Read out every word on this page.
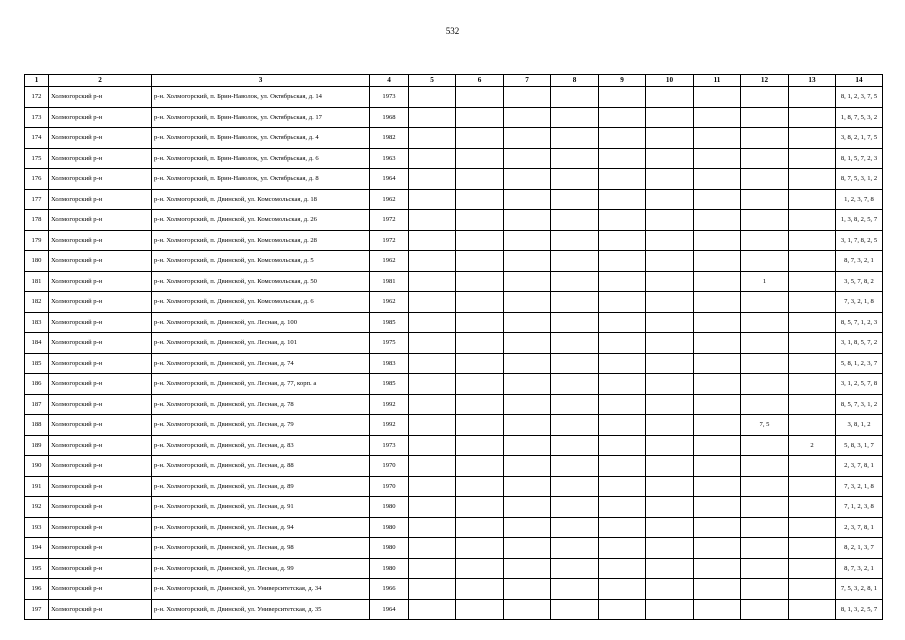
532
1	2	3	4	5	6	7	8	9	10	11	12	13	14
172	Холмогорский р-н	р-н. Холмогорский, п. Брин-Наволок, ул. Октябрьская, д. 14	1973										8, 1, 2, 3, 7, 5
173	Холмогорский р-н	р-н. Холмогорский, п. Брин-Наволок, ул. Октябрьская, д. 17	1968										1, 8, 7, 5, 3, 2
174	Холмогорский р-н	р-н. Холмогорский, п. Брин-Наволок, ул. Октябрьская, д. 4	1982										3, 8, 2, 1, 7, 5
175	Холмогорский р-н	р-н. Холмогорский, п. Брин-Наволок, ул. Октябрьская, д. 6	1963										8, 1, 5, 7, 2, 3
176	Холмогорский р-н	р-н. Холмогорский, п. Брин-Наволок, ул. Октябрьская, д. 8	1964										8, 7, 5, 3, 1, 2
177	Холмогорский р-н	р-н. Холмогорский, п. Двинской, ул. Комсомольская, д. 18	1962										1, 2, 3, 7, 8
178	Холмогорский р-н	р-н. Холмогорский, п. Двинской, ул. Комсомольская, д. 26	1972										1, 3, 8, 2, 5, 7
179	Холмогорский р-н	р-н. Холмогорский, п. Двинской, ул. Комсомольская, д. 28	1972										3, 1, 7, 8, 2, 5
180	Холмогорский р-н	р-н. Холмогорский, п. Двинской, ул. Комсомольская, д. 5	1962										8, 7, 3, 2, 1
181	Холмогорский р-н	р-н. Холмогорский, п. Двинской, ул. Комсомольская, д. 50	1981								1		3, 5, 7, 8, 2
182	Холмогорский р-н	р-н. Холмогорский, п. Двинской, ул. Комсомольская, д. 6	1962										7, 3, 2, 1, 8
183	Холмогорский р-н	р-н. Холмогорский, п. Двинской, ул. Лесная, д. 100	1985										8, 5, 7, 1, 2, 3
184	Холмогорский р-н	р-н. Холмогорский, п. Двинской, ул. Лесная, д. 101	1975										3, 1, 8, 5, 7, 2
185	Холмогорский р-н	р-н. Холмогорский, п. Двинской, ул. Лесная, д. 74	1983										5, 8, 1, 2, 3, 7
186	Холмогорский р-н	р-н. Холмогорский, п. Двинской, ул. Лесная, д. 77, корп. а	1985										3, 1, 2, 5, 7, 8
187	Холмогорский р-н	р-н. Холмогорский, п. Двинской, ул. Лесная, д. 78	1992										8, 5, 7, 3, 1, 2
188	Холмогорский р-н	р-н. Холмогорский, п. Двинской, ул. Лесная, д. 79	1992								7, 5		3, 8, 1, 2
189	Холмогорский р-н	р-н. Холмогорский, п. Двинской, ул. Лесная, д. 83	1973									2	5, 8, 3, 1, 7
190	Холмогорский р-н	р-н. Холмогорский, п. Двинской, ул. Лесная, д. 88	1970										2, 3, 7, 8, 1
191	Холмогорский р-н	р-н. Холмогорский, п. Двинской, ул. Лесная, д. 89	1970										7, 3, 2, 1, 8
192	Холмогорский р-н	р-н. Холмогорский, п. Двинской, ул. Лесная, д. 91	1980										7, 1, 2, 3, 8
193	Холмогорский р-н	р-н. Холмогорский, п. Двинской, ул. Лесная, д. 94	1980										2, 3, 7, 8, 1
194	Холмогорский р-н	р-н. Холмогорский, п. Двинской, ул. Лесная, д. 98	1980										8, 2, 1, 3, 7
195	Холмогорский р-н	р-н. Холмогорский, п. Двинской, ул. Лесная, д. 99	1980										8, 7, 3, 2, 1
196	Холмогорский р-н	р-н. Холмогорский, п. Двинской, ул. Университетская, д. 34	1966										7, 5, 3, 2, 8, 1
197	Холмогорский р-н	р-н. Холмогорский, п. Двинской, ул. Университетская, д. 35	1964										8, 1, 3, 2, 5, 7
